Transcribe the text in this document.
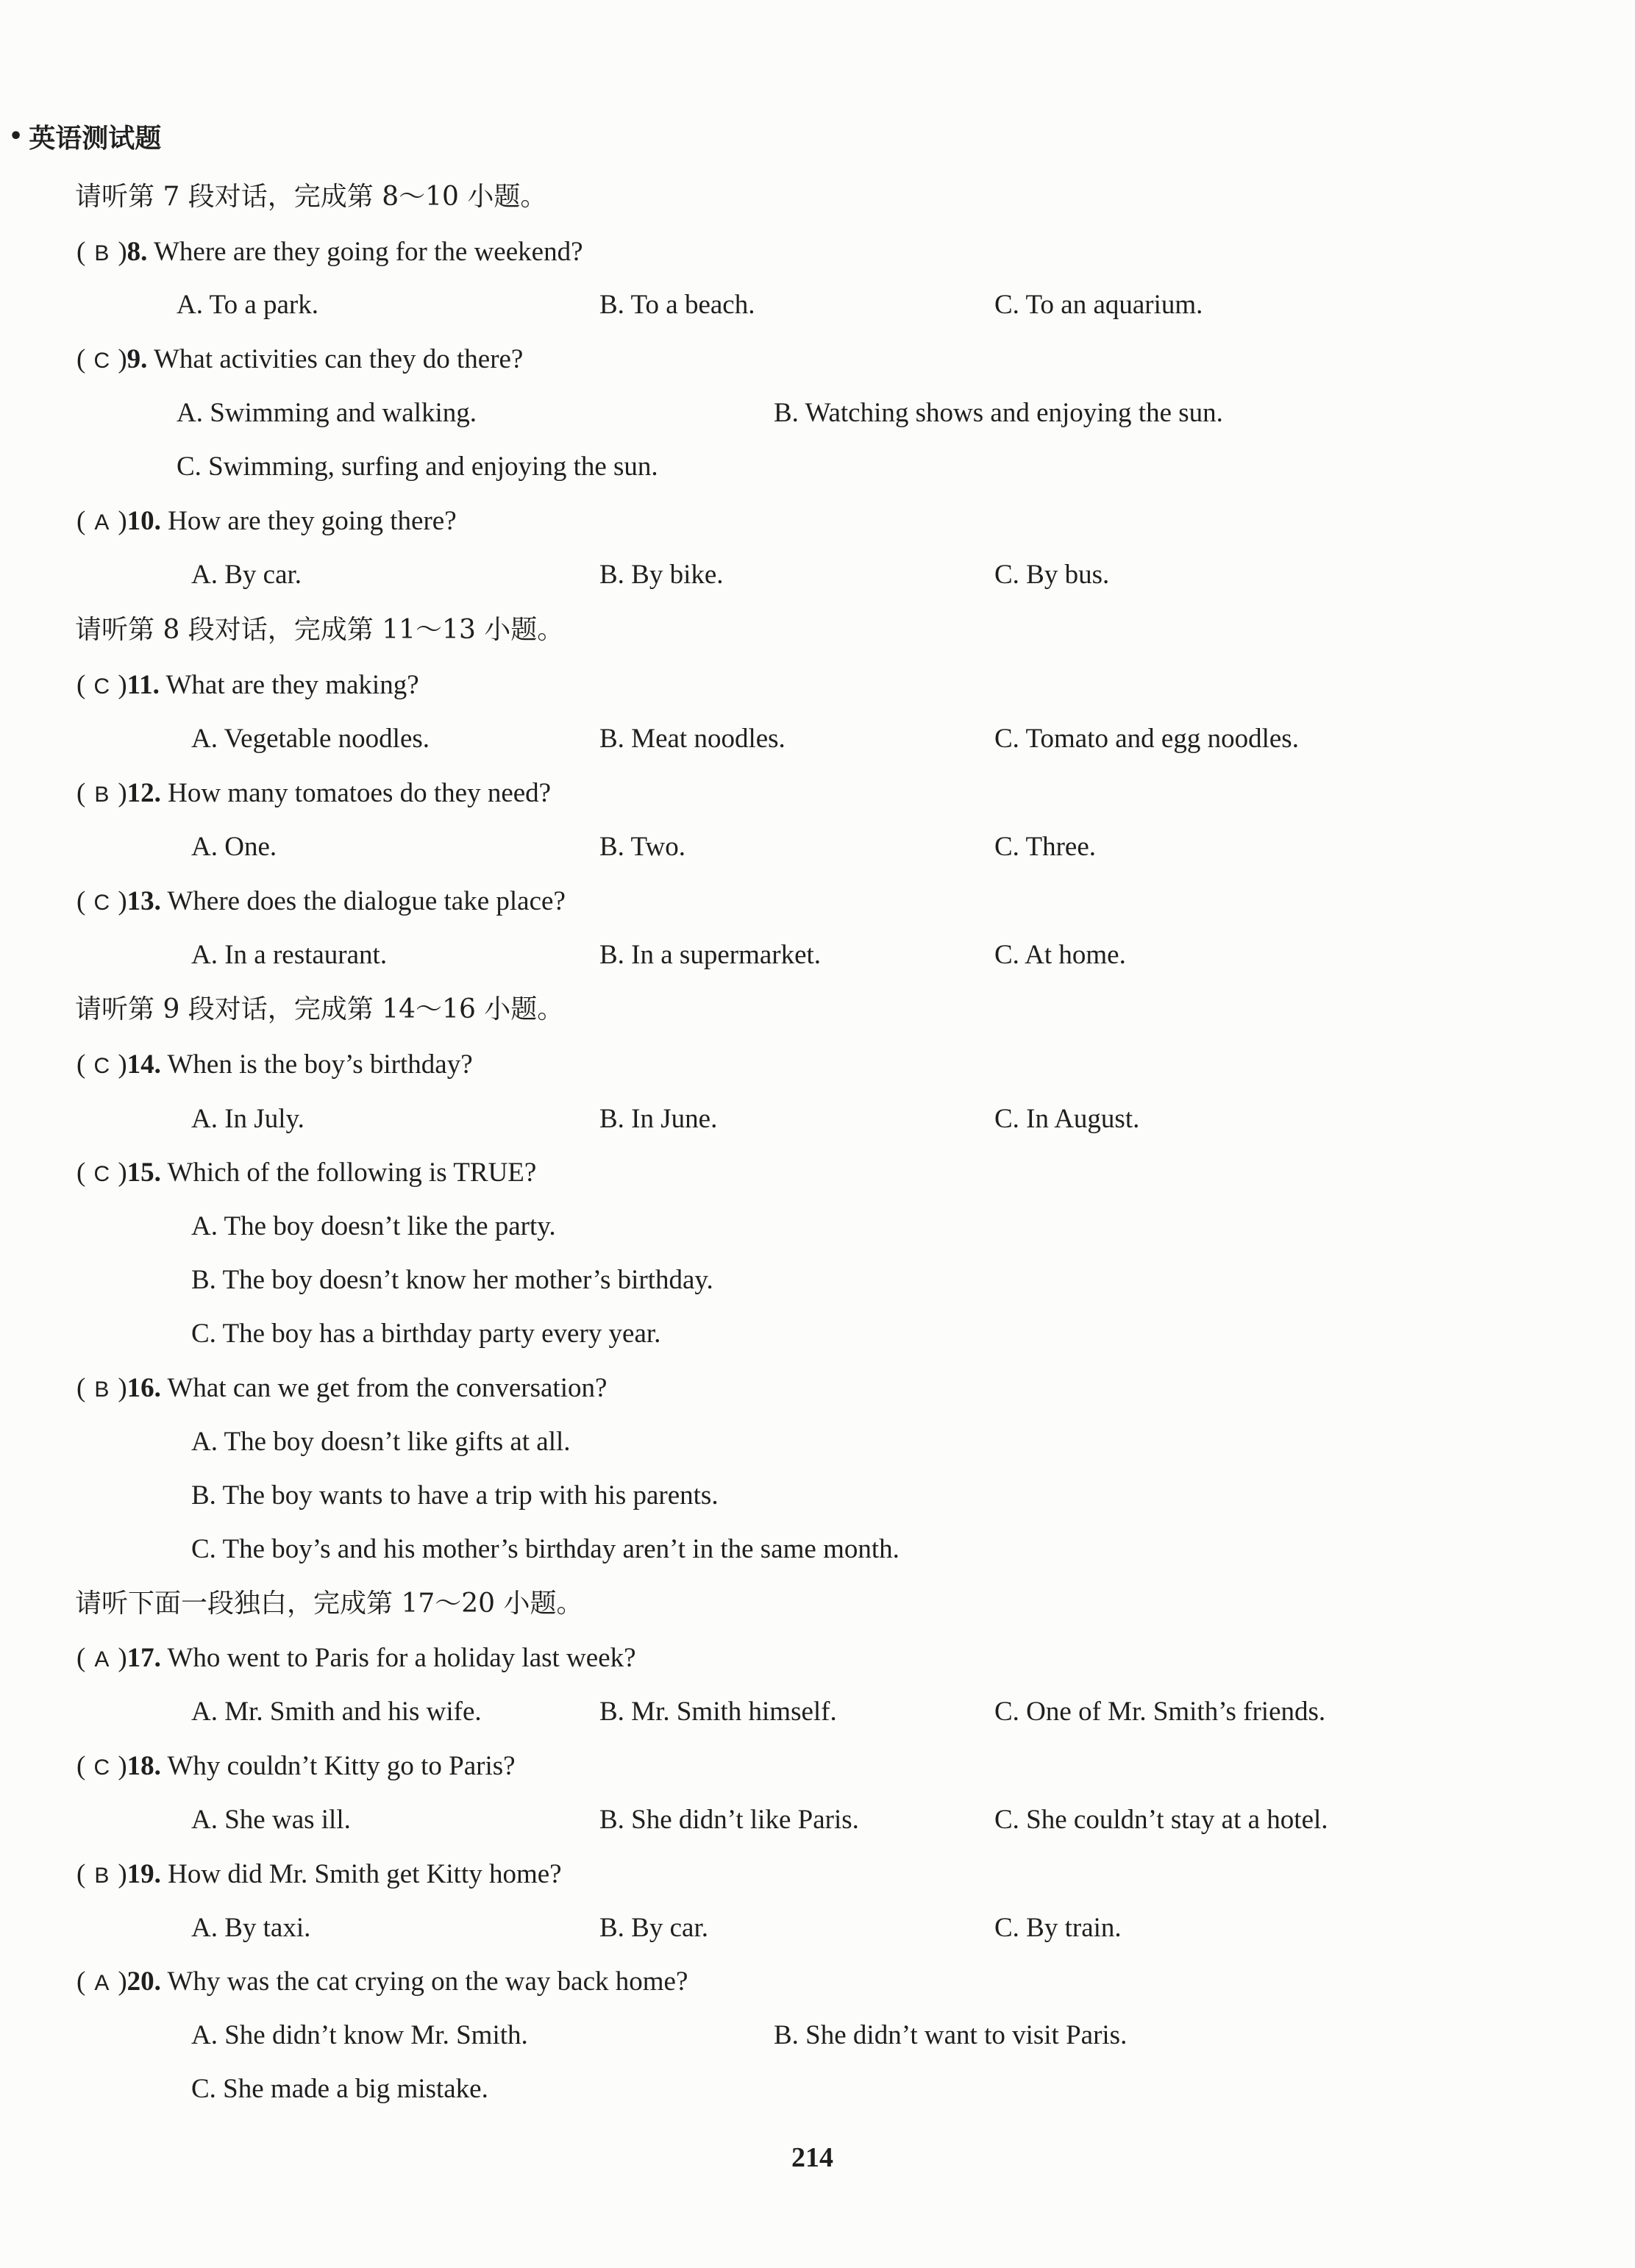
• 英语测试题
请听第 7 段对话，完成第 8～10 小题。
( B )8. Where are they going for the weekend?
A. To a park.	B. To a beach.	C. To an aquarium.
( C )9. What activities can they do there?
A. Swimming and walking.	B. Watching shows and enjoying the sun.
C. Swimming, surfing and enjoying the sun.
( A )10. How are they going there?
A. By car.	B. By bike.	C. By bus.
请听第 8 段对话，完成第 11～13 小题。
( C )11. What are they making?
A. Vegetable noodles.	B. Meat noodles.	C. Tomato and egg noodles.
( B )12. How many tomatoes do they need?
A. One.	B. Two.	C. Three.
( C )13. Where does the dialogue take place?
A. In a restaurant.	B. In a supermarket.	C. At home.
请听第 9 段对话，完成第 14～16 小题。
( C )14. When is the boy’s birthday?
A. In July.	B. In June.	C. In August.
( C )15. Which of the following is TRUE?
A. The boy doesn’t like the party.
B. The boy doesn’t know her mother’s birthday.
C. The boy has a birthday party every year.
( B )16. What can we get from the conversation?
A. The boy doesn’t like gifts at all.
B. The boy wants to have a trip with his parents.
C. The boy’s and his mother’s birthday aren’t in the same month.
请听下面一段独白，完成第 17～20 小题。
( A )17. Who went to Paris for a holiday last week?
A. Mr. Smith and his wife.	B. Mr. Smith himself.	C. One of Mr. Smith’s friends.
( C )18. Why couldn’t Kitty go to Paris?
A. She was ill.	B. She didn’t like Paris.	C. She couldn’t stay at a hotel.
( B )19. How did Mr. Smith get Kitty home?
A. By taxi.	B. By car.	C. By train.
( A )20. Why was the cat crying on the way back home?
A. She didn’t know Mr. Smith.	B. She didn’t want to visit Paris.
C. She made a big mistake.
214
